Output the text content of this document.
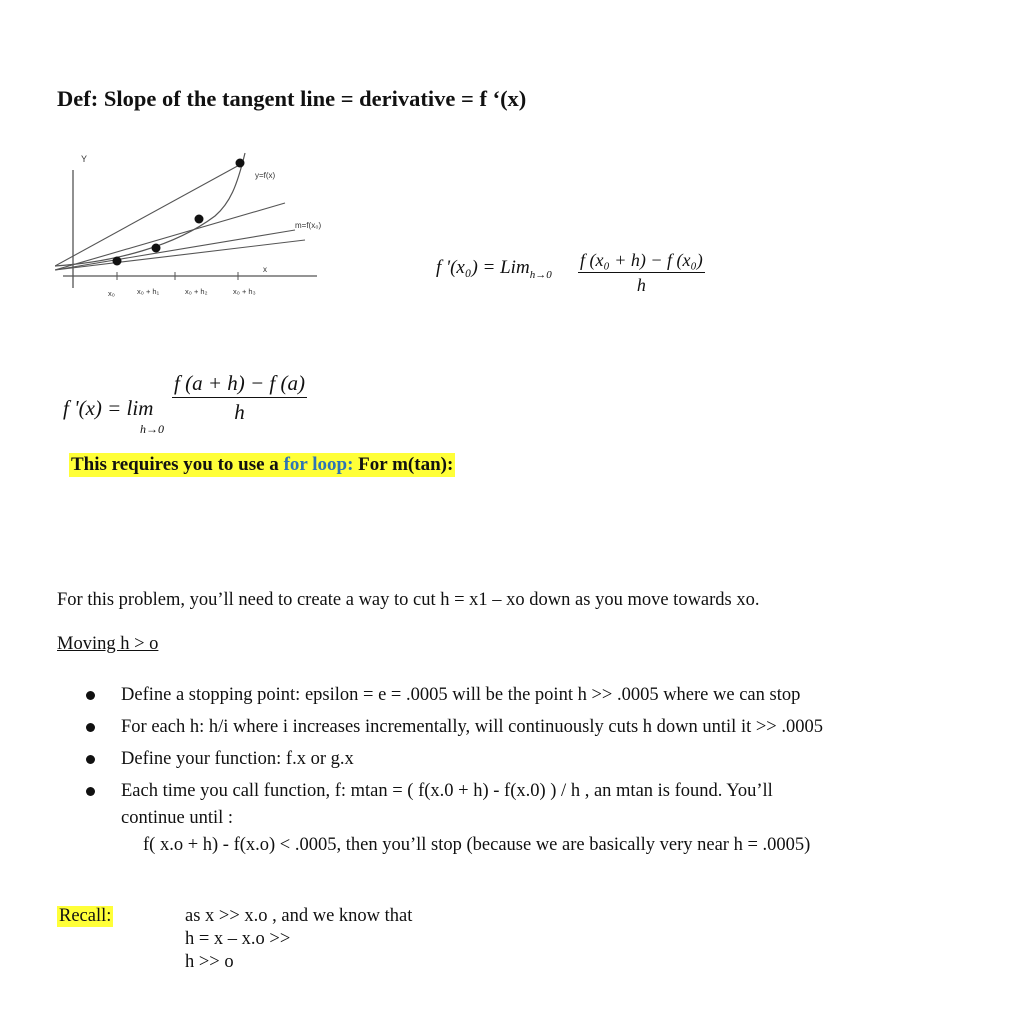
Def: Slope of the tangent line = derivative = f ‘(x)
Y
y=f(x)
m=f(x₀)
x
x₀	x₀ + h₁	x₀ + h₂	x₀ + h₃
f '$(x_0) = Lim_{h\to 0} \frac{\text{f (x₀ + h) − f (x₀)}}{h}$
f '(x) = lim
h→0
$\frac{f (a + h) - f (a)}{h}$
This requires you to use a for loop: For m(tan):
For this problem, you’ll need to create a way to cut h = x1 – xo down as you move towards xo.
Moving h > o
Define a stopping point: epsilon = e = .0005 will be the point h >> .0005 where we can stop
For each h: h/i where i increases incrementally, will continuously cuts h down until it >> .0005
Define your function: f.x or g.x
Each time you call function, f: mtan = ( f(x.0 + h) - f(x.0) ) / h , an mtan is found. You’ll
continue until :
f( x.o + h) - f(x.o) < .0005, then you’ll stop (because we are basically very near h = .0005)
Recall:	as x >> x.o , and we know that
h = x – x.o >>
h >> o
